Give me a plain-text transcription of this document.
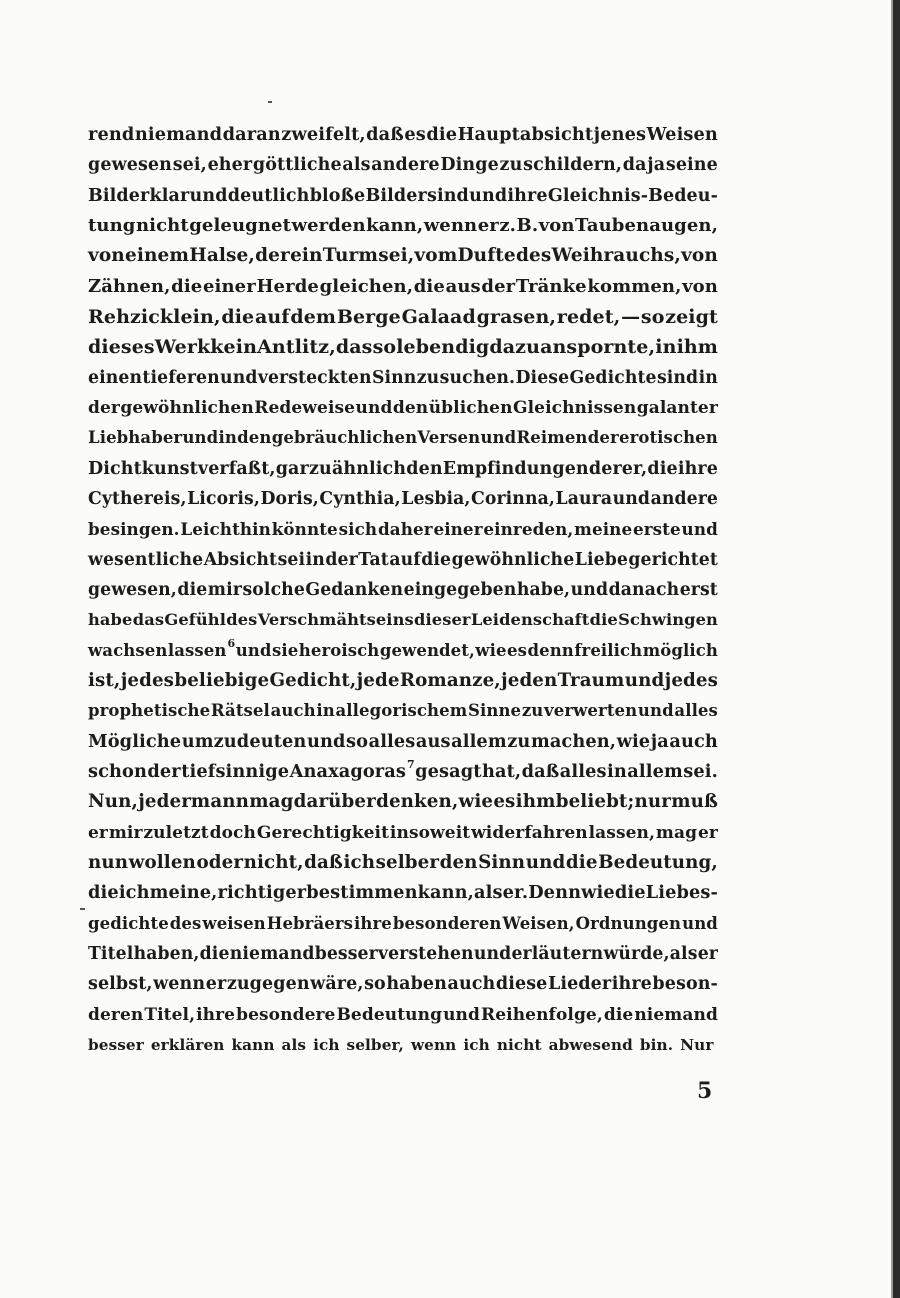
rend niemand daran zweifelt, daß es die Hauptabsicht jenes Weisen
gewesen sei, eher göttliche als andere Dinge zu schildern, da ja seine
Bilder klar und deutlich bloße Bilder sind und ihre Gleichnis-Bedeu-
tung nicht geleugnet werden kann, wenn er z. B. von Taubenaugen,
von einem Halse, der ein Turm sei, vom Dufte des Weihrauchs, von
Zähnen, die einer Herde gleichen, die aus der Tränke kommen, von
Rehzicklein, die auf dem Berge Galaad grasen, redet, — so zeigt
dieses Werk kein Antlitz, das so lebendig dazu anspornte, in ihm
einen tieferen und versteckten Sinn zu suchen. Diese Gedichte sind in
der gewöhnlichen Redeweise und den üblichen Gleichnissen galanter
Liebhaber und in den gebräuchlichen Versen und Reimen der erotischen
Dichtkunst verfaßt, gar zu ähnlich den Empfindungen derer, die ihre
Cythereis, Licoris, Doris, Cynthia, Lesbia, Corinna, Laura und andere
besingen. Leichthin könnte sich daher einer einreden, meine erste und
wesentliche Absicht sei in der Tat auf die gewöhnliche Liebe gerichtet
gewesen, die mir solche Gedanken eingegeben habe, und danach erst
habe das Gefühl des Verschmähtseins dieser Leidenschaft die Schwingen
wachsen lassen$^6$ und sie heroisch gewendet, wie es denn freilich möglich
ist, jedes beliebige Gedicht, jede Romanze, jeden Traum und jedes
prophetische Rätsel auch in allegorischem Sinne zu verwerten und alles
Mögliche umzudeuten und so alles aus allem zu machen, wie ja auch
schon der tiefsinnige Anaxagoras$^7$ gesagt hat, daß alles in allem sei.
Nun, jedermann mag darüber denken, wie es ihm beliebt; nur muß
er mir zuletzt doch Gerechtigkeit insoweit widerfahren lassen, mag er
nun wollen oder nicht, daß ich selber den Sinn und die Bedeutung,
die ich meine, richtiger bestimmen kann, als er. Denn wie die Liebes-
gedichte des weisen Hebräers ihre besonderen Weisen, Ordnungen und
Titel haben, die niemand besser verstehen und erläutern würde, als er
selbst, wenn er zugegen wäre, so haben auch diese Lieder ihre beson-
deren Titel, ihre besondere Bedeutung und Reihenfolge, die niemand
besser erklären kann als ich selber, wenn ich nicht abwesend bin. Nur
5
